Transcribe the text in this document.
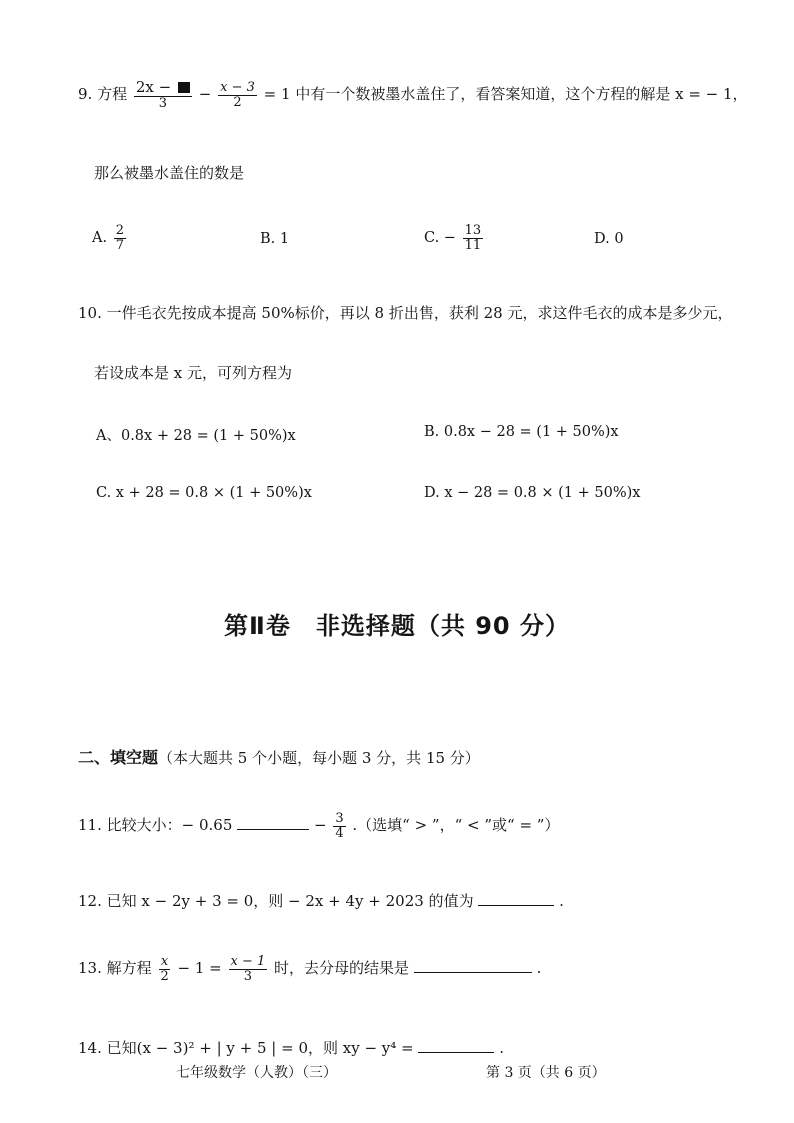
9. 方程 $\frac{2x -}{3} - \frac{x - 3}{2} = 1$ 中有一个数被墨水盖住了，看答案知道，这个方程的解是 x = − 1，
那么被墨水盖住的数是
A. $\frac{2}{7}$	B. 1	C. − $\frac{13}{11}$	D. 0
10. 一件毛衣先按成本提高 50%标价，再以 8 折出售，获利 28 元，求这件毛衣的成本是多少元，
若设成本是 x 元，可列方程为
A、0.8x + 28 = (1 + 50%)x	B. 0.8x − 28 = (1 + 50%)x
C. x + 28 = 0.8 × (1 + 50%)x	D. x − 28 = 0.8 × (1 + 50%)x
第Ⅱ卷　非选择题（共 90 分）
二、填空题（本大题共 5 个小题，每小题 3 分，共 15 分）
11. 比较大小：− 0.65	− $\frac{3}{4}$ .（选填“ > ”，“ < ”或“ = ”）
12. 已知 x − 2y + 3 = 0，则 − 2x + 4y + 2023 的值为	.
13. 解方程 $\frac{x}{2} - 1 = \frac{x - 1}{3}$ 时，去分母的结果是	.
14. 已知(x − 3)² + | y + 5 | = 0，则 xy − y⁴ =	.
七年级数学（人教）（三）	第 3 页（共 6 页）
